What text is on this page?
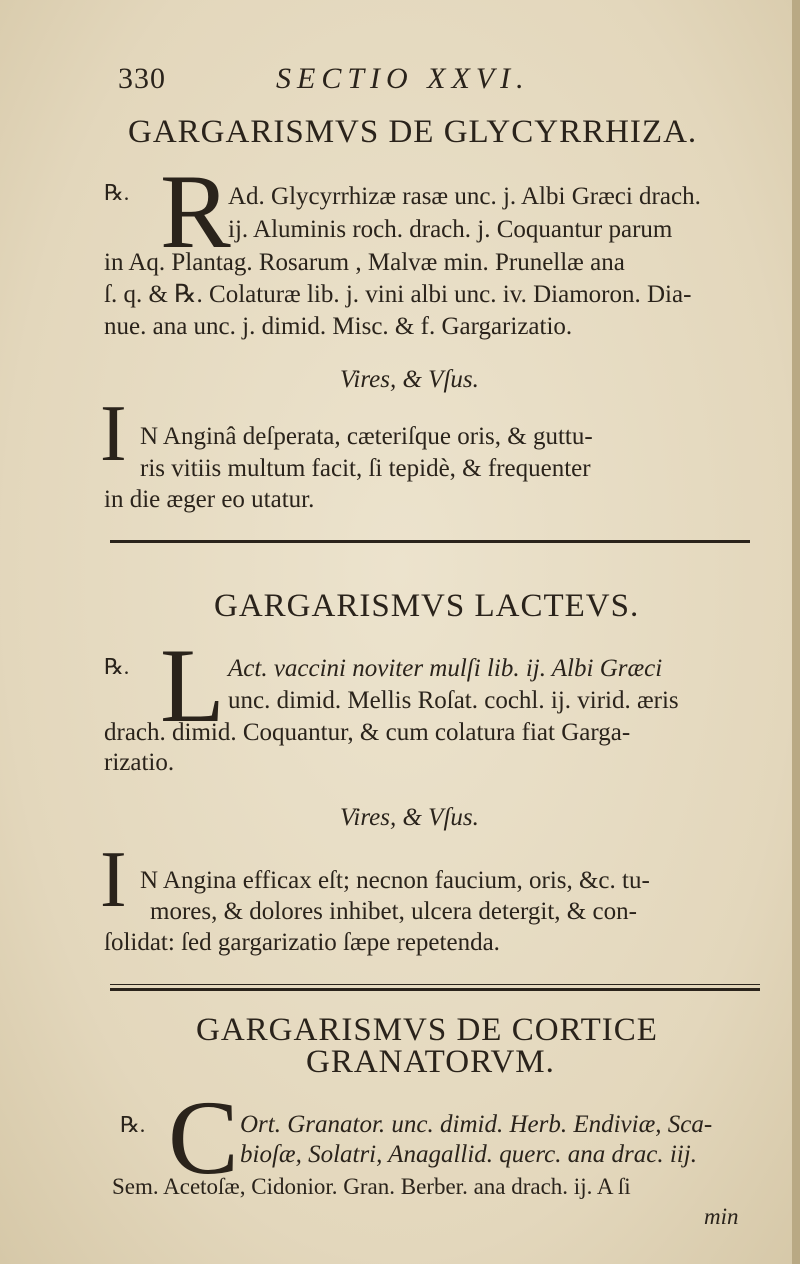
330	SECTIO XXVI.
GARGARISMVS DE GLYCYRRHIZA.
℞. R
Ad. Glycyrrhizæ rasæ unc. j. Albi Græci drach.
ij. Aluminis roch. drach. j. Coquantur parum
in Aq. Plantag. Rosarum , Malvæ min. Prunellæ ana
ſ. q. & ℞. Colaturæ lib. j. vini albi unc. iv. Diamoron. Dia-
nue. ana unc. j. dimid. Misc. & f. Gargarizatio.
Vires, & Vſus.
I N Anginâ deſperata, cæteriſque oris, & guttu-
ris vitiis multum facit, ſi tepidè, & frequenter
in die æger eo utatur.
GARGARISMVS LACTEVS.
℞. L Act. vaccini noviter mulſi lib. ij. Albi Græci
unc. dimid. Mellis Roſat. cochl. ij. virid. æris
drach. dimid. Coquantur, & cum colatura fiat Garga-
rizatio.
Vires, & Vſus.
I N Angina efficax eſt; necnon faucium, oris, &c. tu-
mores, & dolores inhibet, ulcera detergit, & con-
ſolidat: ſed gargarizatio ſæpe repetenda.
GARGARISMVS DE CORTICE
GRANATORVM.
℞. C Ort. Granator. unc. dimid. Herb. Endiviæ, Sca-
bioſæ, Solatri, Anagallid. querc. ana drac. iij.
Sem. Acetoſæ, Cidonior. Gran. Berber. ana drach. ij. A ſi
min
